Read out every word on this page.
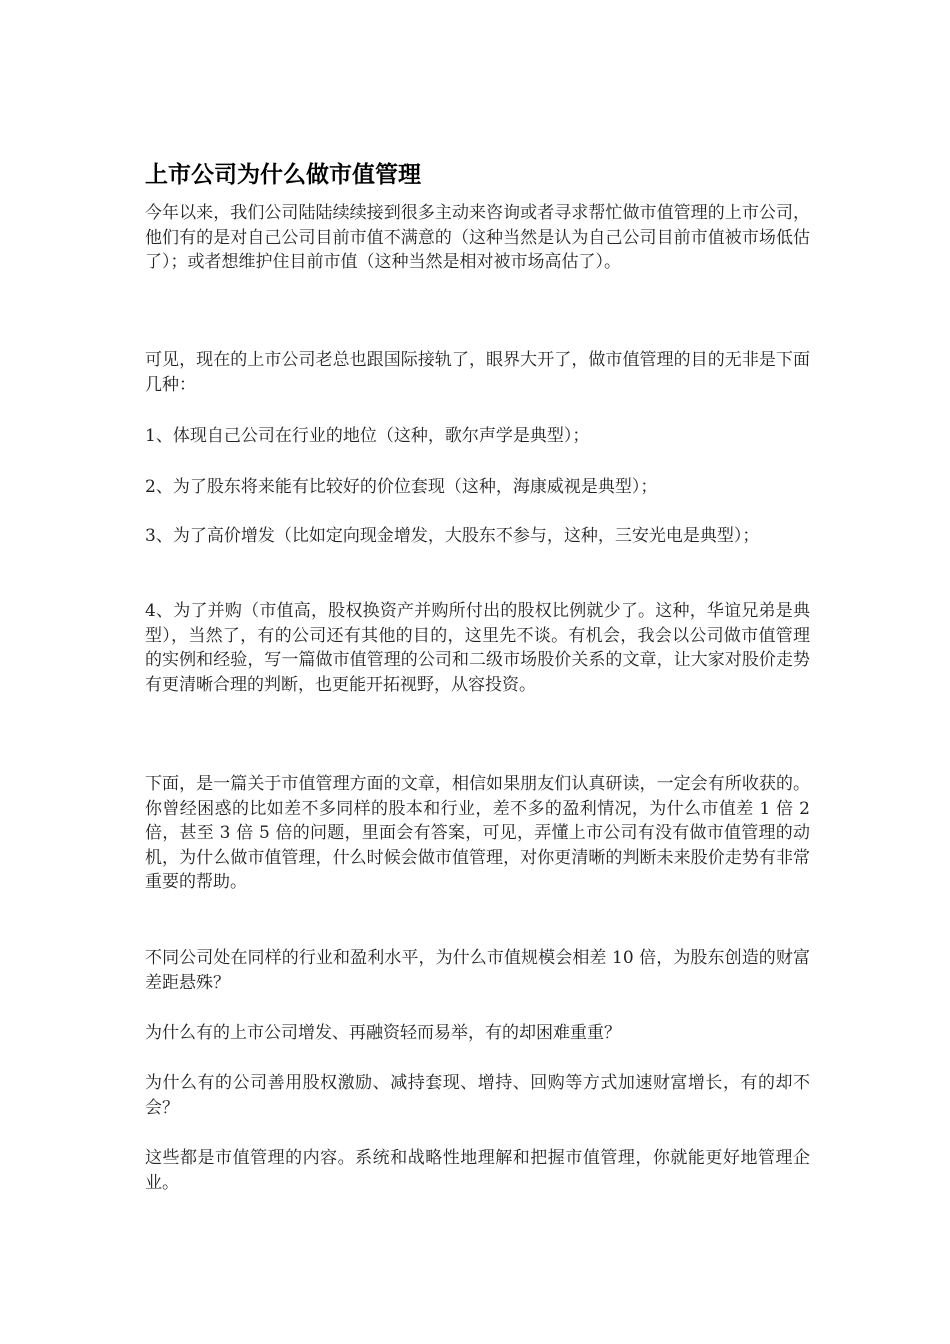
上市公司为什么做市值管理

今年以来，我们公司陆陆续续接到很多主动来咨询或者寻求帮忙做市值管理的上市公司，他们有的是对自己公司目前市值不满意的（这种当然是认为自己公司目前市值被市场低估了）；或者想维护住目前市值（这种当然是相对被市场高估了）。

可见，现在的上市公司老总也跟国际接轨了，眼界大开了，做市值管理的目的无非是下面几种：

1、体现自己公司在行业的地位（这种，歌尔声学是典型）；

2、为了股东将来能有比较好的价位套现（这种，海康威视是典型）；

3、为了高价增发（比如定向现金增发，大股东不参与，这种，三安光电是典型）；

4、为了并购（市值高，股权换资产并购所付出的股权比例就少了。这种，华谊兄弟是典型），当然了，有的公司还有其他的目的，这里先不谈。有机会，我会以公司做市值管理的实例和经验，写一篇做市值管理的公司和二级市场股价关系的文章，让大家对股价走势有更清晰合理的判断，也更能开拓视野，从容投资。

下面，是一篇关于市值管理方面的文章，相信如果朋友们认真研读，一定会有所收获的。你曾经困惑的比如差不多同样的股本和行业，差不多的盈利情况，为什么市值差 1 倍 2 倍，甚至 3 倍 5 倍的问题，里面会有答案，可见，弄懂上市公司有没有做市值管理的动机，为什么做市值管理，什么时候会做市值管理，对你更清晰的判断未来股价走势有非常重要的帮助。

不同公司处在同样的行业和盈利水平，为什么市值规模会相差 10 倍，为股东创造的财富差距悬殊？

为什么有的上市公司增发、再融资轻而易举，有的却困难重重？

为什么有的公司善用股权激励、减持套现、增持、回购等方式加速财富增长，有的却不会？

这些都是市值管理的内容。系统和战略性地理解和把握市值管理，你就能更好地管理企业。
